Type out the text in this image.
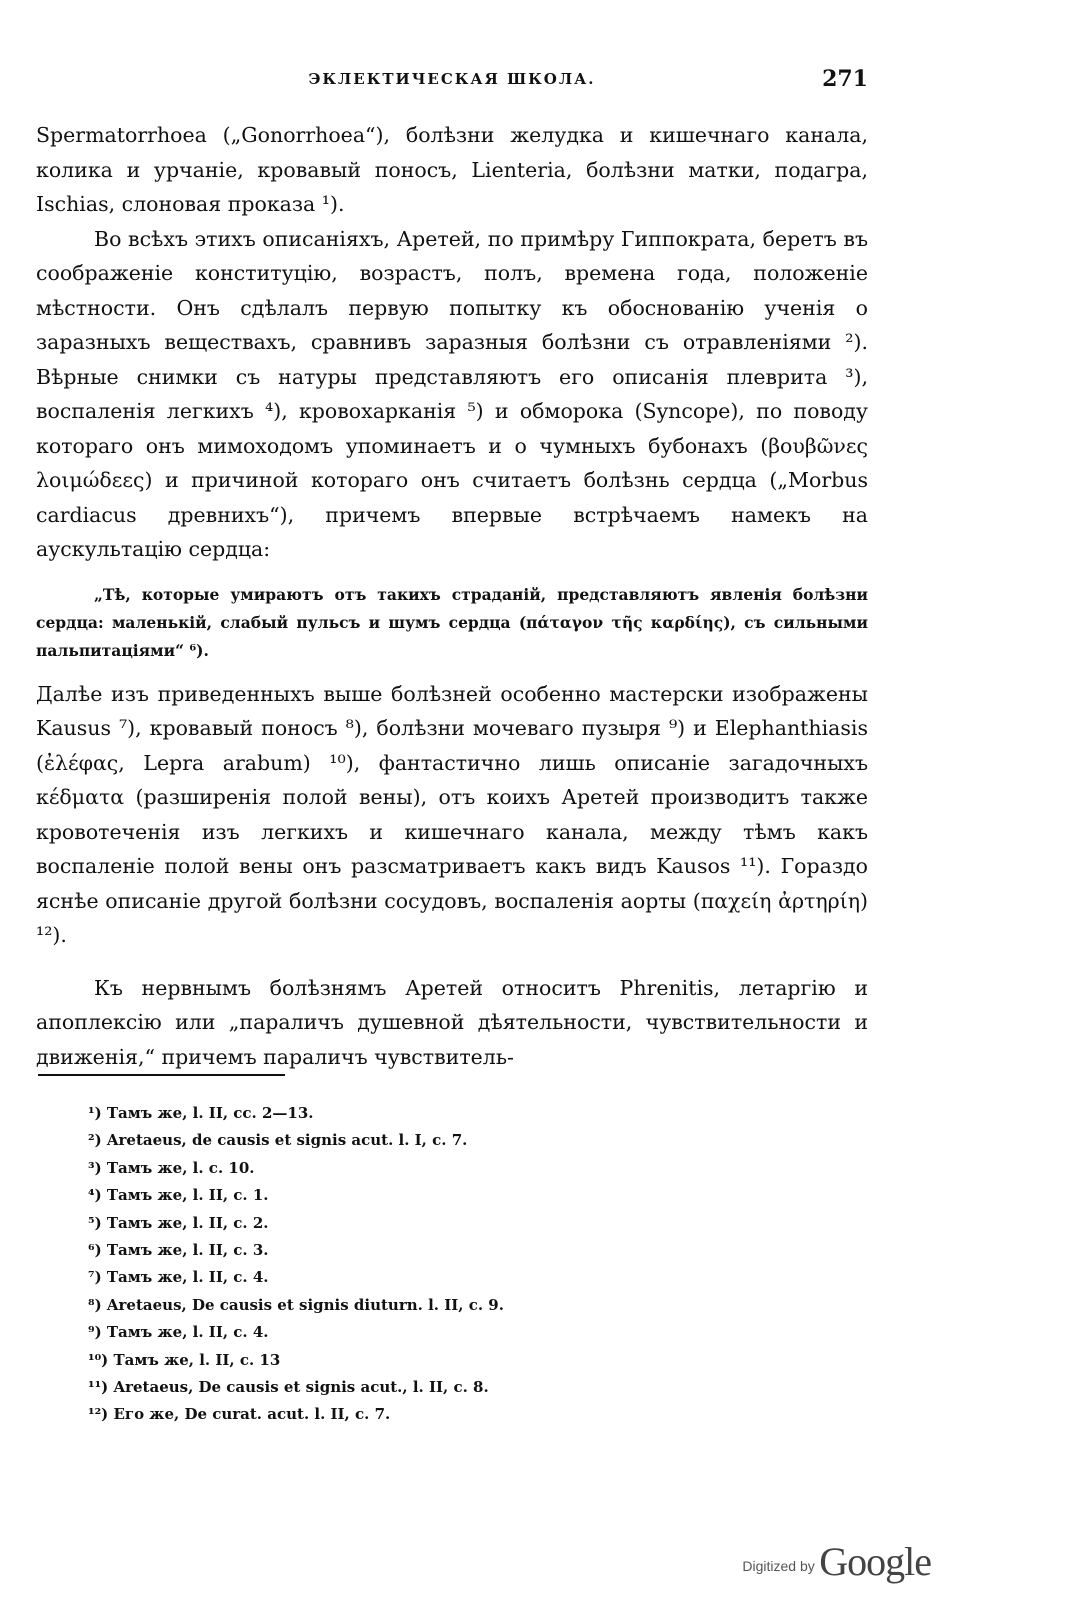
ЭКЛЕКТИЧЕСКАЯ ШКОЛА.	271

Spermatorrhoea („Gonorrhoea“), болѣзни желудка и кишечнаго канала, колика и урчаніе, кровавый поносъ, Lienteria, болѣзни матки, подагра, Ischias, слоновая проказа ¹).

Во всѣхъ этихъ описаніяхъ, Аретей, по примѣру Гиппократа, беретъ въ соображеніе конституцію, возрастъ, полъ, времена года, положеніе мѣстности. Онъ сдѣлалъ первую попытку къ обоснованію ученія о заразныхъ веществахъ, сравнивъ заразныя болѣзни съ отравленіями ²). Вѣрные снимки съ натуры представляютъ его описанія плеврита ³), воспаленія легкихъ ⁴), кровохарканія ⁵) и обморока (Syncope), по поводу котораго онъ мимоходомъ упоминаетъ и о чумныхъ бубонахъ (βουβῶνες λοιμώδεες) и причиной котораго онъ считаетъ болѣзнь сердца („Morbus cardiacus древнихъ“), причемъ впервые встрѣчаемъ намекъ на аускультацію сердца:

„Тѣ, которые умираютъ отъ такихъ страданій, представляютъ явленія болѣзни сердца: маленькій, слабый пульсъ и шумъ сердца (πάταγον τῆς καρδίης), съ сильными пальпитаціями“ ⁶).

Далѣе изъ приведенныхъ выше болѣзней особенно мастерски изображены Kausus ⁷), кровавый поносъ ⁸), болѣзни мочеваго пузыря ⁹) и Elephanthiasis (ἐλέφας, Lepra arabum) ¹⁰), фантастично лишь описаніе загадочныхъ κέδματα (разширенія полой вены), отъ коихъ Аретей производитъ также кровотеченія изъ легкихъ и кишечнаго канала, между тѣмъ какъ воспаленіе полой вены онъ разсматриваетъ какъ видъ Kausos ¹¹). Гораздо яснѣе описаніе другой болѣзни сосудовъ, воспаленія аорты (παχείη ἀρτηρίη) ¹²).

Къ нервнымъ болѣзнямъ Аретей относитъ Phrenitis, летаргію и апоплексію или „параличъ душевной дѣятельности, чувствительности и движенія,“ причемъ параличъ чувствитель-

¹) Тамъ же, l. II, cc. 2—13.
²) Aretaeus, de causis et signis acut. l. I, c. 7.
³) Тамъ же, l. c. 10.
⁴) Тамъ же, l. II, c. 1.
⁵) Тамъ же, l. II, c. 2.
⁶) Тамъ же, l. II, c. 3.
⁷) Тамъ же, l. II, c. 4.
⁸) Aretaeus, De causis et signis diuturn. l. II, c. 9.
⁹) Тамъ же, l. II, c. 4.
¹⁰) Тамъ же, l. II, c. 13
¹¹) Aretaeus, De causis et signis acut., l. II, c. 8.
¹²) Его же, De curat. acut. l. II, c. 7.
Digitized by Google
